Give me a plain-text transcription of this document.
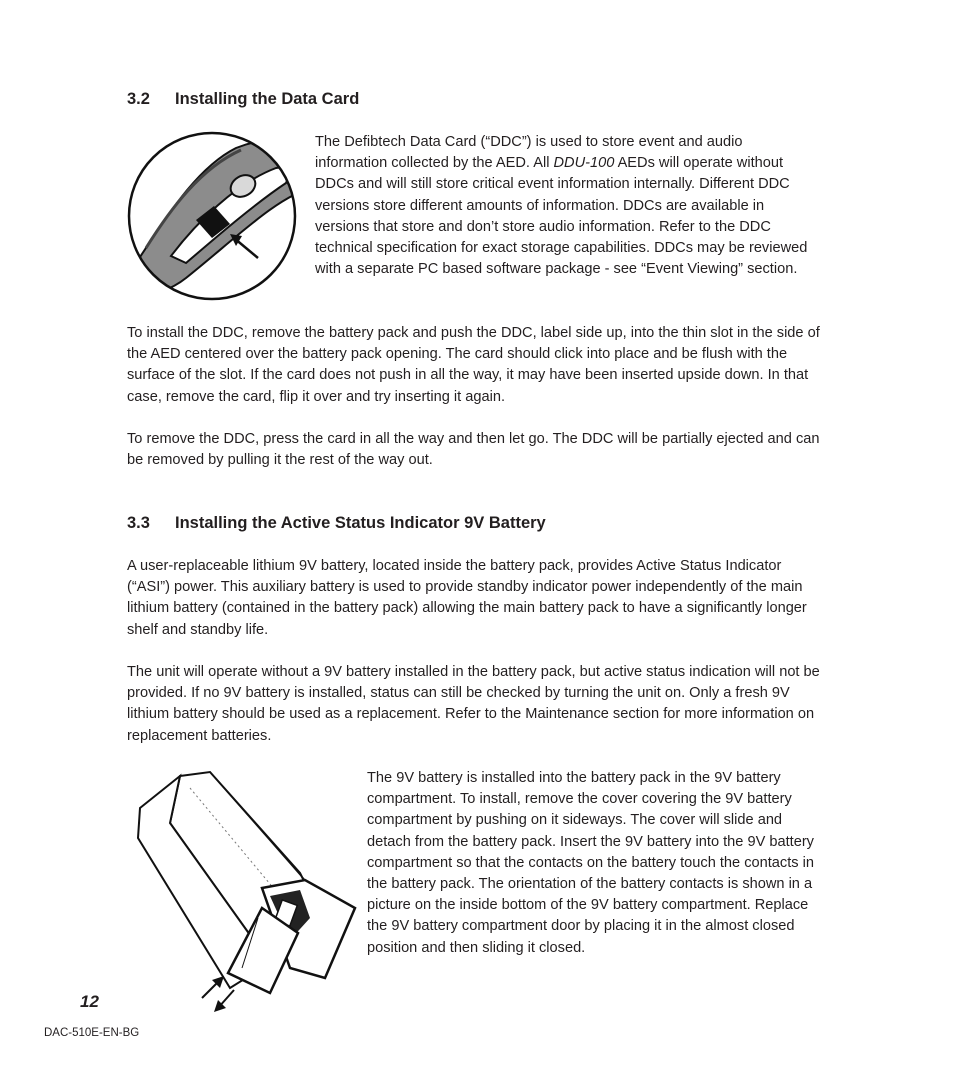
3.2 Installing the Data Card

The Defibtech Data Card (“DDC”) is used to store event and audio information collected by the AED. All DDU-100 AEDs will operate without DDCs and will still store critical event information internally. Different DDC versions store different amounts of information. DDCs are available in versions that store and don’t store audio information. Refer to the DDC technical specification for exact storage capabilities. DDCs may be reviewed with a separate PC based software package - see “Event Viewing” section.

To install the DDC, remove the battery pack and push the DDC, label side up, into the thin slot in the side of the AED centered over the battery pack opening. The card should click into place and be flush with the surface of the slot. If the card does not push in all the way, it may have been inserted upside down. In that case, remove the card, flip it over and try inserting it again.

To remove the DDC, press the card in all the way and then let go. The DDC will be partially ejected and can be removed by pulling it the rest of the way out.

3.3 Installing the Active Status Indicator 9V Battery

A user-replaceable lithium 9V battery, located inside the battery pack, provides Active Status Indicator (“ASI”) power. This auxiliary battery is used to provide standby indicator power independently of the main lithium battery (contained in the battery pack) allowing the main battery pack to have a significantly longer shelf and standby life.

The unit will operate without a 9V battery installed in the battery pack, but active status indication will not be provided. If no 9V battery is installed, status can still be checked by turning the unit on. Only a fresh 9V lithium battery should be used as a replacement. Refer to the Maintenance section for more information on replacement batteries.

The 9V battery is installed into the battery pack in the 9V battery compartment. To install, remove the cover covering the 9V battery compartment by pushing on it sideways. The cover will slide and detach from the battery pack. Insert the 9V battery into the 9V battery compartment so that the contacts on the battery touch the contacts in the battery pack. The orientation of the battery contacts is shown in a picture on the inside bottom of the 9V battery compartment. Replace the 9V battery compartment door by placing it in the almost closed position and then sliding it closed.

12
DAC-510E-EN-BG
